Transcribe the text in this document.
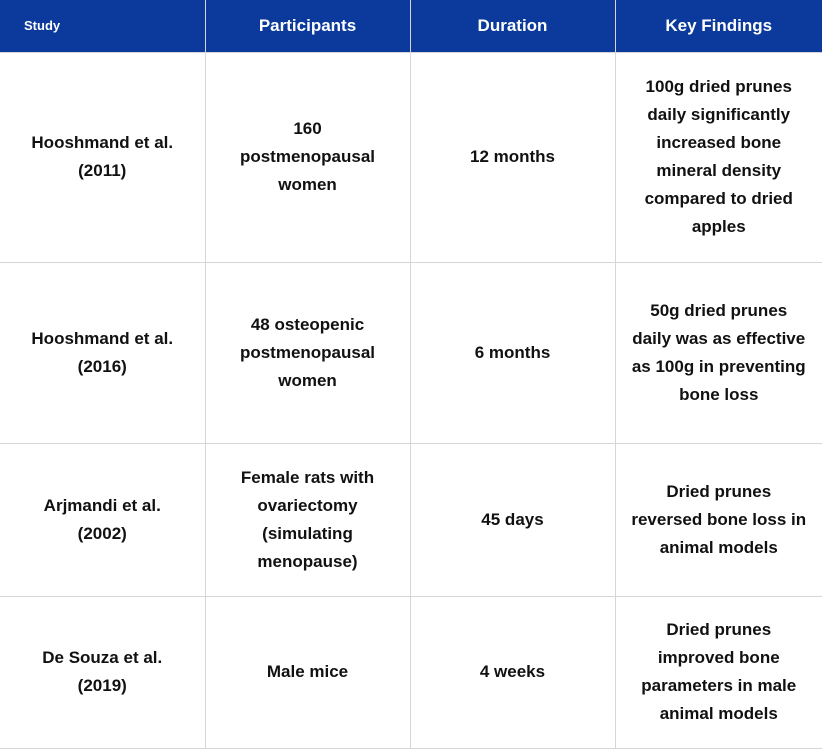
Study	Participants	Duration	Key Findings
Hooshmand et al. (2011)	160 postmenopausal women	12 months	100g dried prunes daily significantly increased bone mineral density compared to dried apples
Hooshmand et al. (2016)	48 osteopenic postmenopausal women	6 months	50g dried prunes daily was as effective as 100g in preventing bone loss
Arjmandi et al. (2002)	Female rats with ovariectomy (simulating menopause)	45 days	Dried prunes reversed bone loss in animal models
De Souza et al. (2019)	Male mice	4 weeks	Dried prunes improved bone parameters in male animal models
